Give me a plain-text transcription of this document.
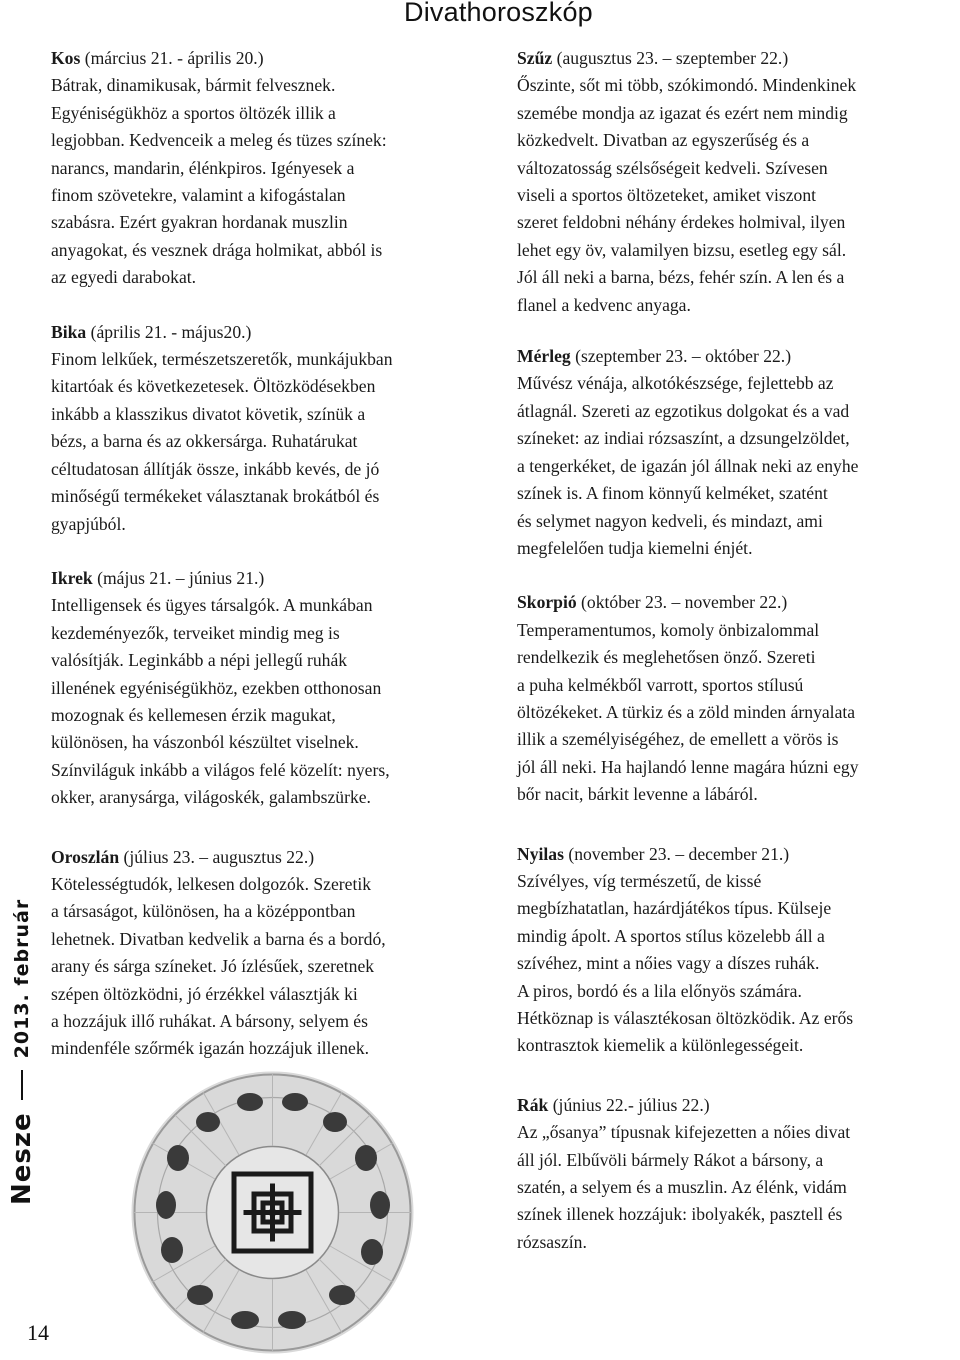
Divathoroszkóp

Kos (március 21. - április 20.)

Bátrak, dinamikusak, bármit felvesznek.

Egyéniségükhöz a sportos öltözék illik a

legjobban. Kedvenceik a meleg és tüzes színek:

narancs, mandarin, élénkpiros. Igényesek a

finom szövetekre, valamint a kifogástalan

szabásra. Ezért gyakran hordanak muszlin

anyagokat, és vesznek drága holmikat, abból is

az egyedi darabokat.

Bika (április 21. - május20.)

Finom lelkűek, természetszeretők, munkájukban

kitartóak és következetesek. Öltözködésekben

inkább a klasszikus divatot követik, színük a

bézs, a barna és az okkersárga. Ruhatárukat

céltudatosan állítják össze, inkább kevés, de jó

minőségű termékeket választanak brokátból és

gyapjúból.

Ikrek (május 21. – június 21.)

Intelligensek és ügyes társalgók. A munkában

kezdeményezők, terveiket mindig meg is

valósítják. Leginkább a népi jellegű ruhák

illenének egyéniségükhöz, ezekben otthonosan

mozognak és kellemesen érzik magukat,

különösen, ha vászonból készültet viselnek.

Színviláguk inkább a világos felé közelít: nyers,

okker, aranysárga, világoskék, galambszürke.

Oroszlán (július 23. – augusztus 22.)

Kötelességtudók, lelkesen dolgozók. Szeretik

a társaságot, különösen, ha a középpontban

lehetnek. Divatban kedvelik a barna és a bordó,

arany és sárga színeket. Jó ízlésűek, szeretnek

szépen öltözködni, jó érzékkel választják ki

a hozzájuk illő ruhákat. A bársony, selyem és

mindenféle szőrmék igazán hozzájuk illenek.

Szűz (augusztus 23. – szeptember 22.)

Őszinte, sőt mi több, szókimondó. Mindenkinek

szemébe mondja az igazat és ezért nem mindig

közkedvelt. Divatban az egyszerűség és a

változatosság szélsőségeit kedveli. Szívesen

viseli a sportos öltözeteket, amiket viszont

szeret feldobni néhány érdekes holmival, ilyen

lehet egy öv, valamilyen bizsu, esetleg egy sál.

Jól áll neki a barna, bézs, fehér szín. A len és a

flanel a kedvenc anyaga.

Mérleg (szeptember 23. – október 22.)

Művész vénája, alkotókészsége, fejlettebb az

átlagnál. Szereti az egzotikus dolgokat és a vad

színeket: az indiai rózsaszínt, a dzsungelzöldet,

a tengerkéket, de igazán jól állnak neki az enyhe

színek is. A finom könnyű kelméket, szatént

és selymet nagyon kedveli, és mindazt, ami

megfelelően tudja kiemelni énjét.

Skorpió (október 23. – november 22.)

Temperamentumos, komoly önbizalommal

rendelkezik és meglehetősen önző. Szereti

a puha kelmékből varrott, sportos stílusú

öltözékeket. A türkiz és a zöld minden árnyalata

illik a személyiségéhez, de emellett a vörös is

jól áll neki. Ha hajlandó lenne magára húzni egy

bőr nacit, bárkit levenne a lábáról.

Nyilas (november 23. – december 21.)

Szívélyes, víg természetű, de kissé

megbízhatatlan, hazárdjátékos típus. Külseje

mindig ápolt. A sportos stílus közelebb áll a

szívéhez, mint a nőies vagy a díszes ruhák.

A piros, bordó és a lila előnyös számára.

Hétköznap is választékosan öltözködik. Az erős

kontrasztok kiemelik a különlegességeit.

Rák (június 22.- július 22.)

Az „ősanya” típusnak kifejezetten a nőies divat

áll jól. Elbűvöli bármely Rákot a bársony, a

szatén, a selyem és a muszlin. Az élénk, vidám

színek illenek hozzájuk: ibolyakék, pasztell és

rózsaszín.

Nesze
2013. február
14
